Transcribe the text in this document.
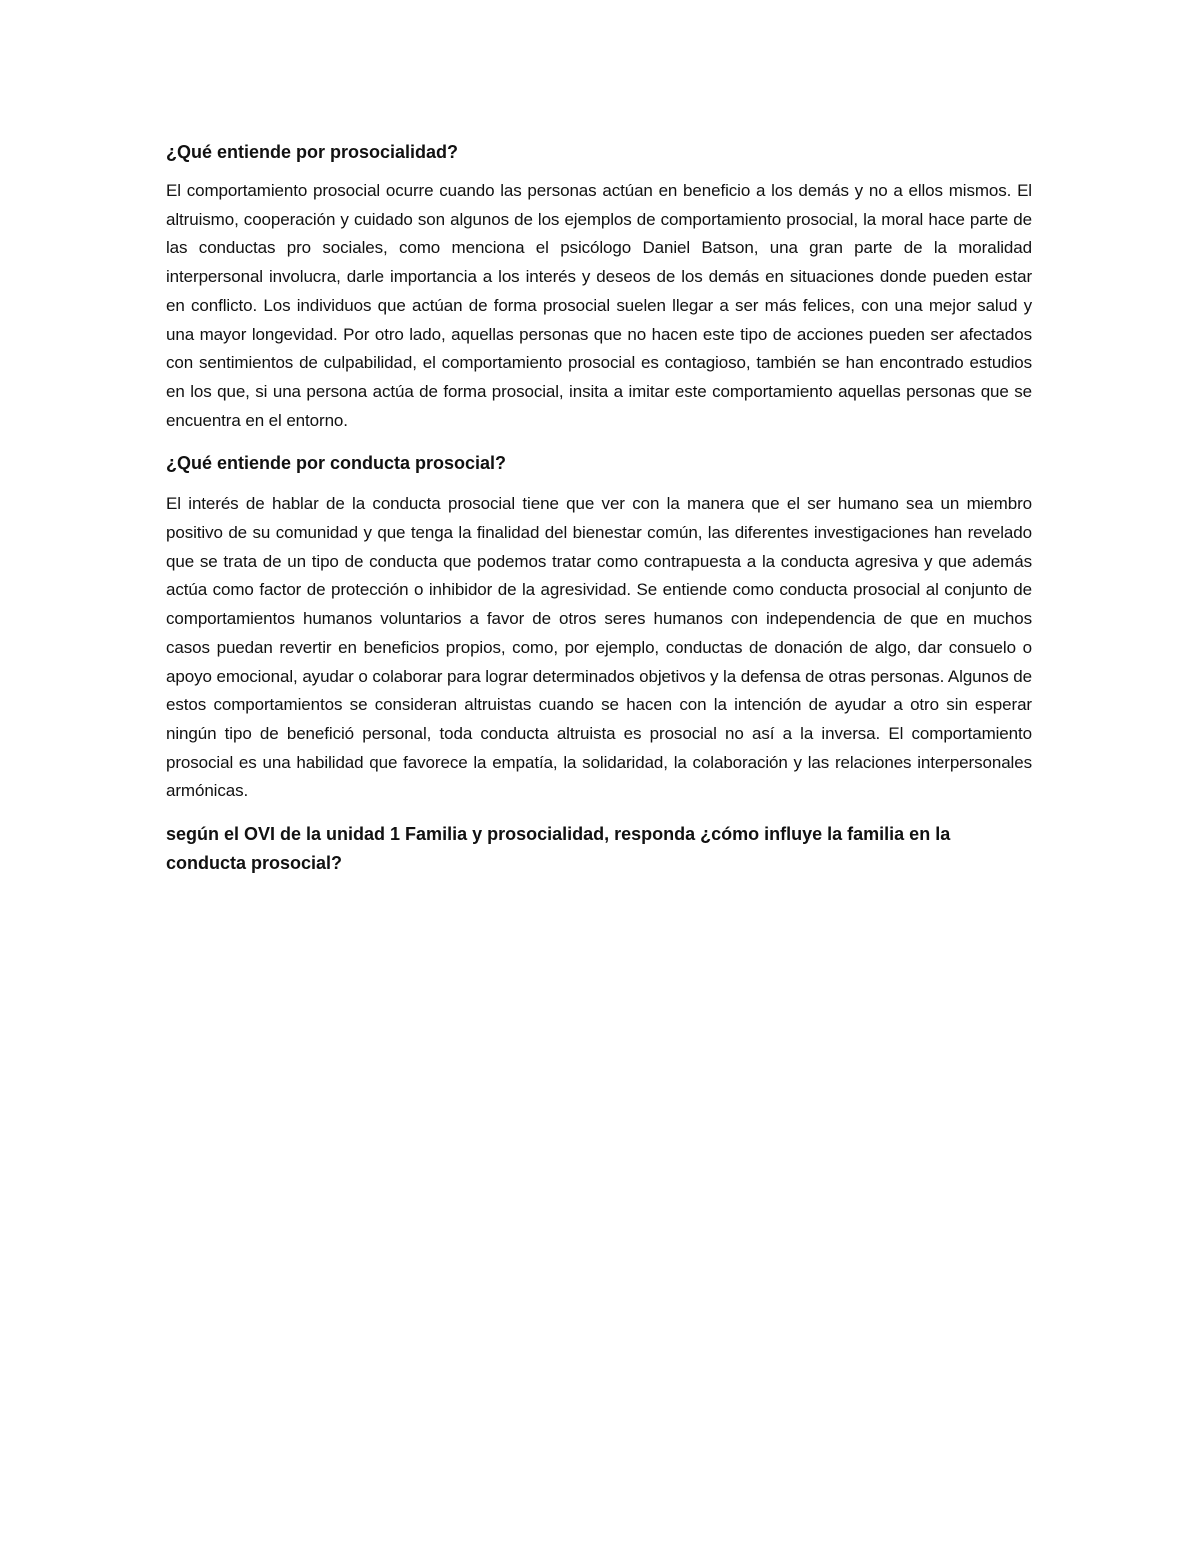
¿Qué entiende por prosocialidad?

El comportamiento prosocial ocurre cuando las personas actúan en beneficio a los demás y no a ellos mismos. El altruismo, cooperación y cuidado son algunos de los ejemplos de comportamiento prosocial, la moral hace parte de las conductas pro sociales, como menciona el psicólogo Daniel Batson, una gran parte de la moralidad interpersonal involucra, darle importancia a los interés y deseos de los demás en situaciones donde pueden estar en conflicto. Los individuos que actúan de forma prosocial suelen llegar a ser más felices, con una mejor salud y una mayor longevidad. Por otro lado, aquellas personas que no hacen este tipo de acciones pueden ser afectados con sentimientos de culpabilidad, el comportamiento prosocial es contagioso, también se han encontrado estudios en los que, si una persona actúa de forma prosocial, insita a imitar este comportamiento aquellas personas que se encuentra en el entorno.

¿Qué entiende por conducta prosocial?

El interés de hablar de la conducta prosocial tiene que ver con la manera que el ser humano sea un miembro positivo de su comunidad y que tenga la finalidad del bienestar común, las diferentes investigaciones han revelado que se trata de un tipo de conducta que podemos tratar como contrapuesta a la conducta agresiva y que además actúa como factor de protección o inhibidor de la agresividad. Se entiende como conducta prosocial al conjunto de comportamientos humanos voluntarios a favor de otros seres humanos con independencia de que en muchos casos puedan revertir en beneficios propios, como, por ejemplo, conductas de donación de algo, dar consuelo o apoyo emocional, ayudar o colaborar para lograr determinados objetivos y la defensa de otras personas. Algunos de estos comportamientos se consideran altruistas cuando se hacen con la intención de ayudar a otro sin esperar ningún tipo de benefició personal, toda conducta altruista es prosocial no así a la inversa. El comportamiento prosocial es una habilidad que favorece la empatía, la solidaridad, la colaboración y las relaciones interpersonales armónicas.

según el OVI de la unidad 1 Familia y prosocialidad, responda ¿cómo influye la familia en la conducta prosocial?
